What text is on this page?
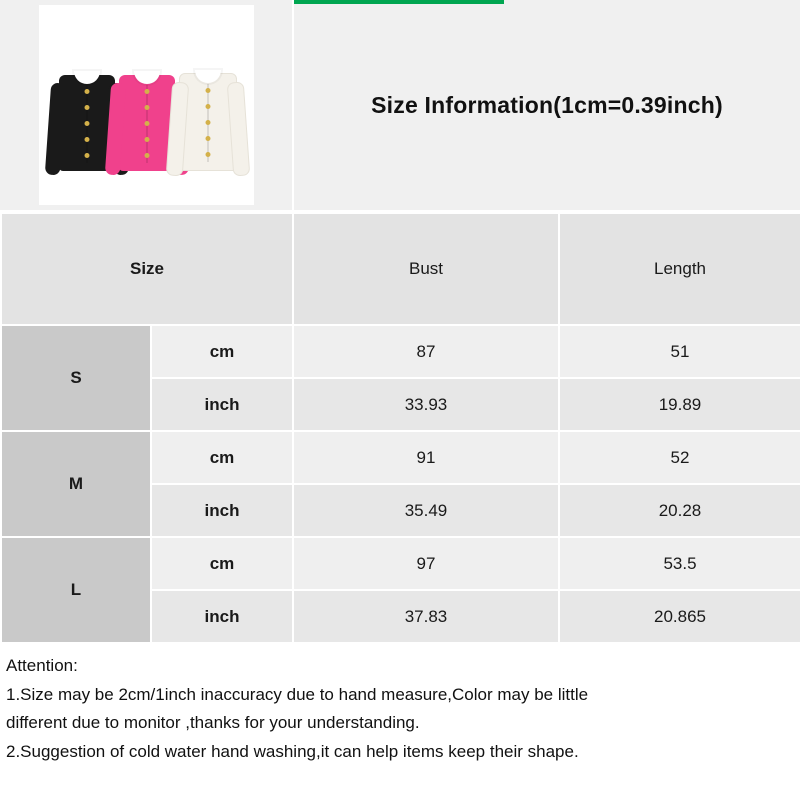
Size Information(1cm=0.39inch)
Size		Bust	Length
S	cm	87	51
	inch	33.93	19.89
M	cm	91	52
	inch	35.49	20.28
L	cm	97	53.5
	inch	37.83	20.865
Attention:
1.Size may be 2cm/1inch inaccuracy due to hand measure,Color may be little
different due to monitor ,thanks for your understanding.
2.Suggestion of cold water hand washing,it can help items keep their shape.
